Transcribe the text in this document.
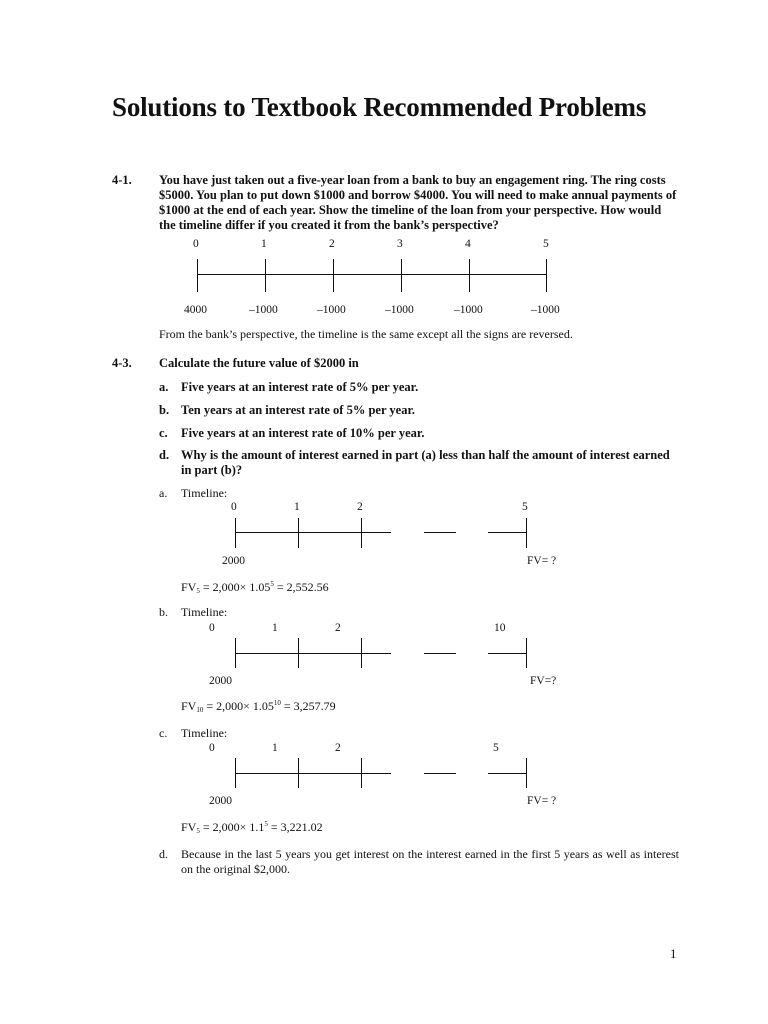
Solutions to Textbook Recommended Problems
4-1. You have just taken out a five-year loan from a bank to buy an engagement ring. The ring costs $5000. You plan to put down $1000 and borrow $4000. You will need to make annual payments of $1000 at the end of each year. Show the timeline of the loan from your perspective. How would the timeline differ if you created it from the bank’s perspective?
0	1	2	3	4	5
4000	–1000	–1000	–1000	–1000	–1000
From the bank’s perspective, the timeline is the same except all the signs are reversed.
4-3. Calculate the future value of $2000 in
a. Five years at an interest rate of 5% per year.
b. Ten years at an interest rate of 5% per year.
c. Five years at an interest rate of 10% per year.
d. Why is the amount of interest earned in part (a) less than half the amount of interest earned in part (b)?
a. Timeline:
0	1	2	5
2000	FV= ?
$FV_5 = 2,000\times 1.05^5 = 2,552.56$
b. Timeline:
0	1	2	10
2000	FV=?
$FV_{10} = 2,000\times 1.05^{10} = 3,257.79$
c. Timeline:
0	1	2	5
2000	FV= ?
$FV_5 = 2,000\times 1.1^5 = 3,221.02$
d. Because in the last 5 years you get interest on the interest earned in the first 5 years as well as interest on the original $2,000.
1
